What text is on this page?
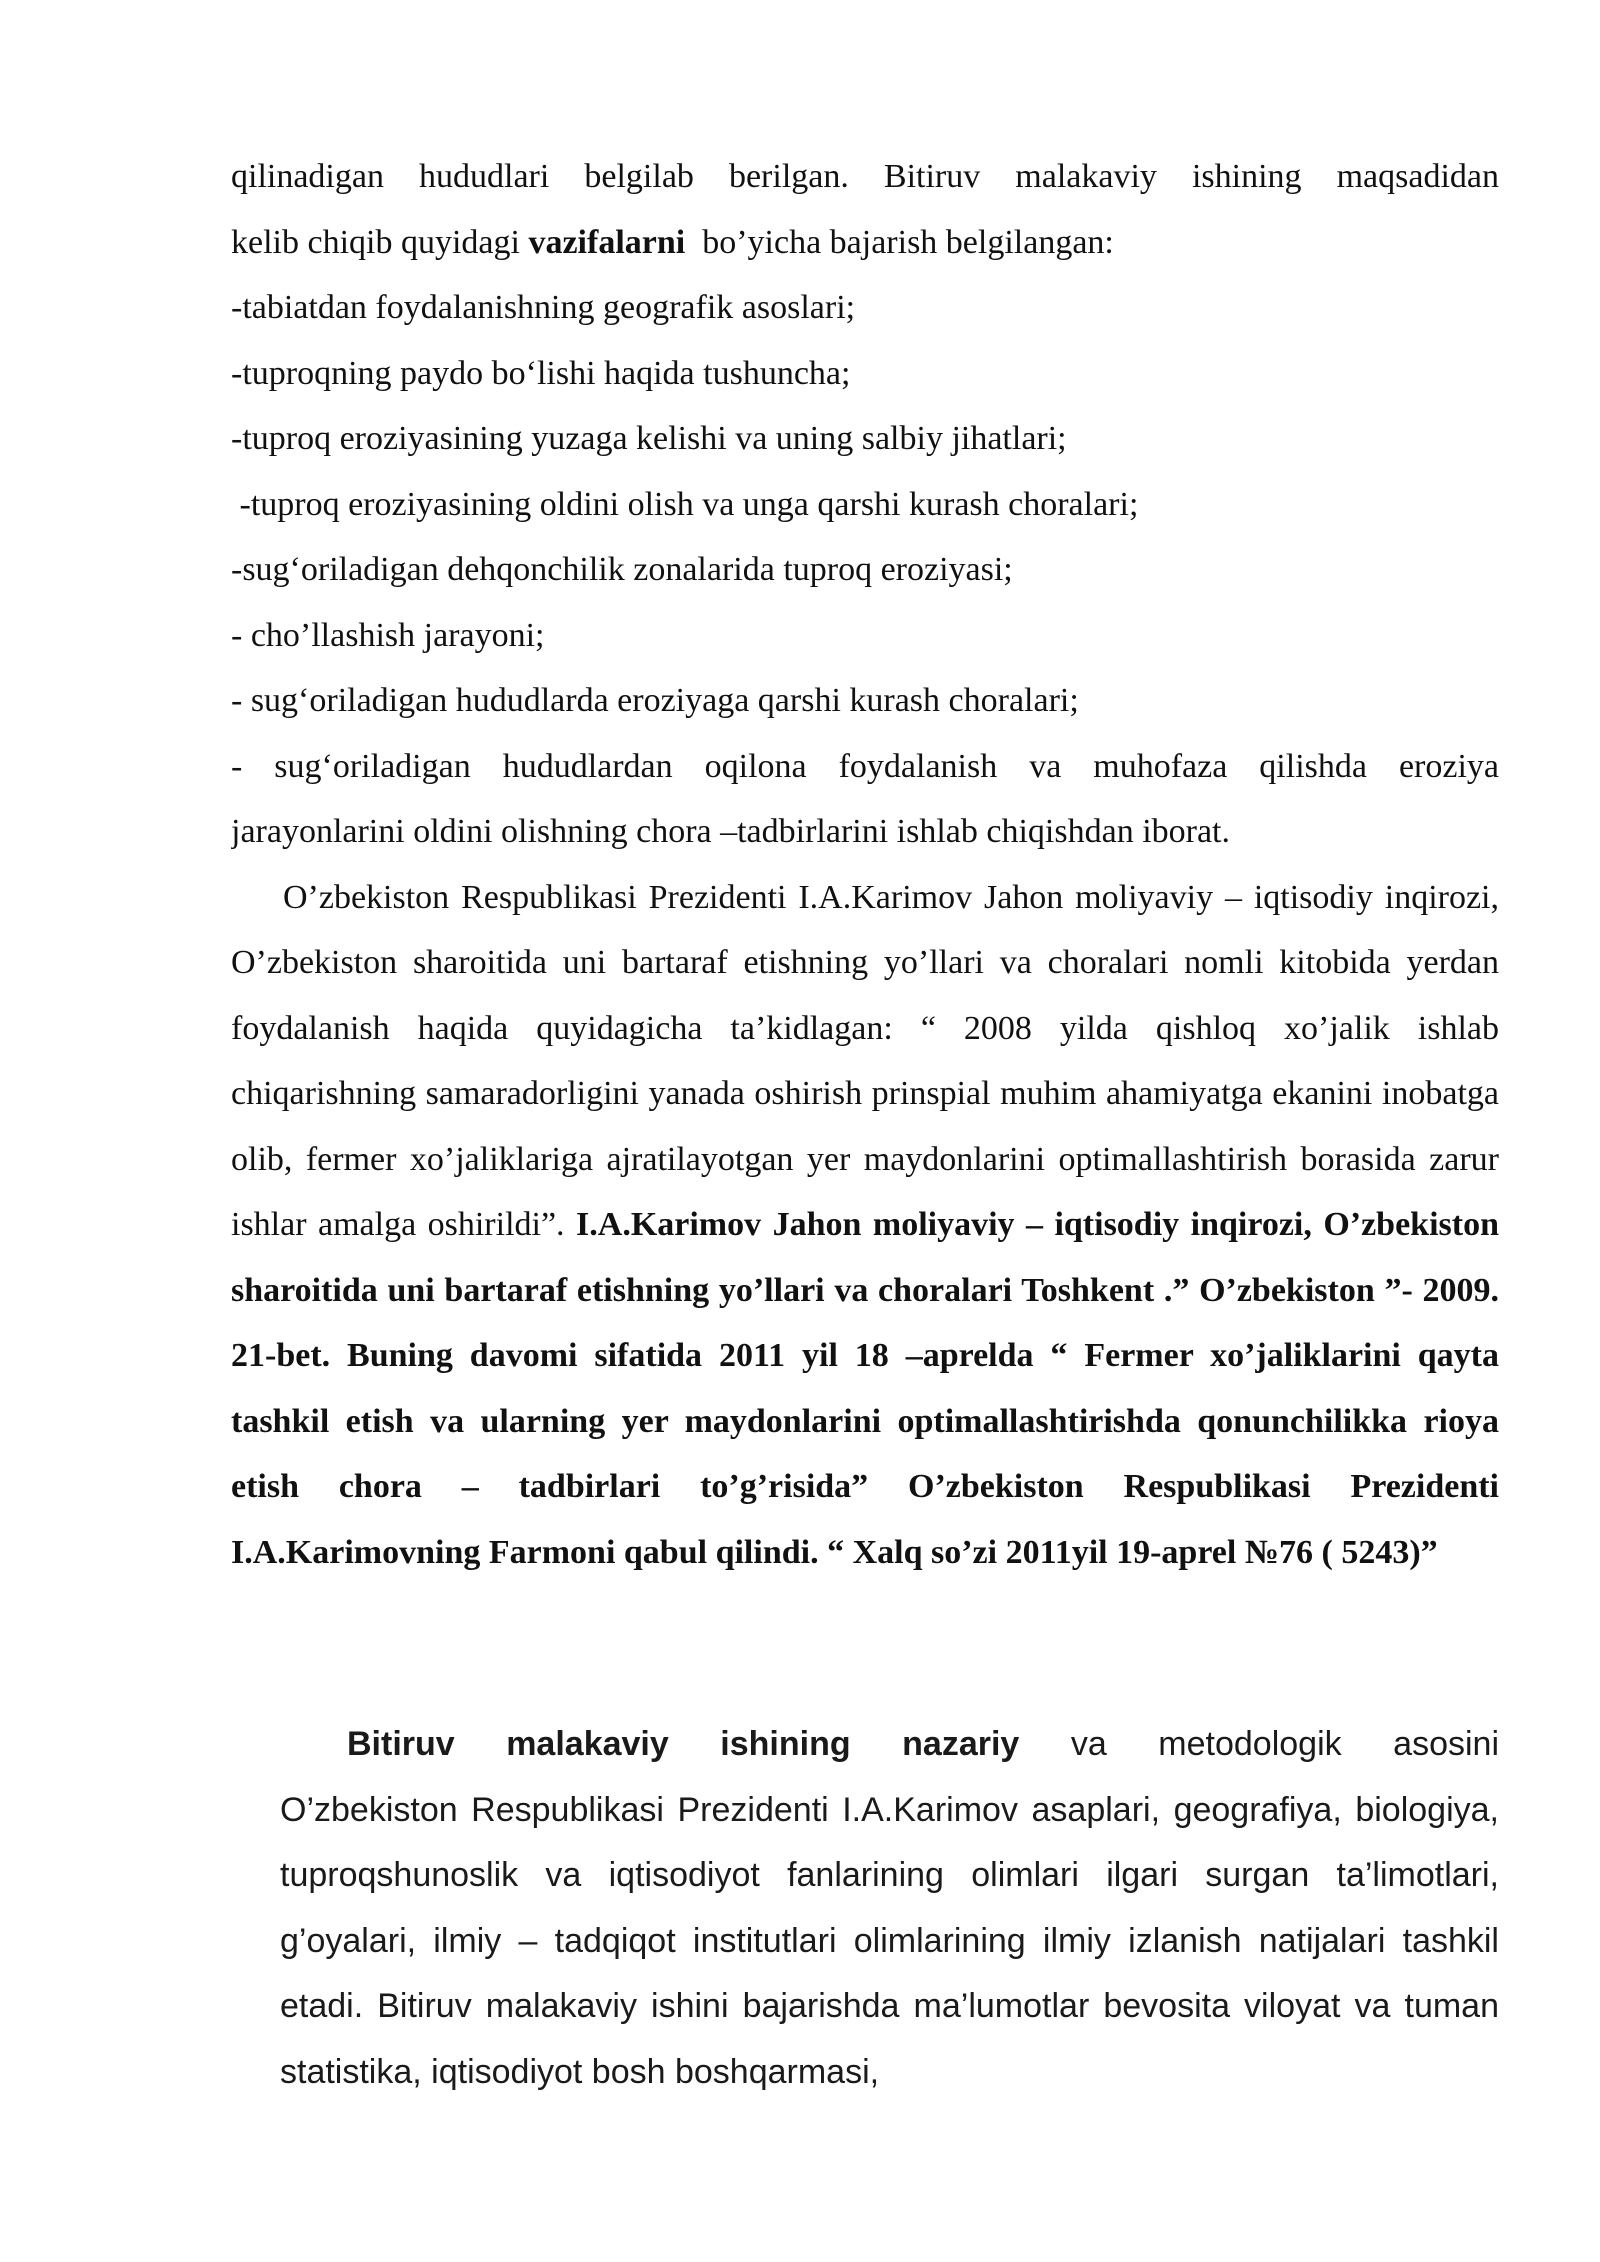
qilinadigan hududlari belgilab berilgan. Bitiruv malakaviy ishining maqsadidan
kelib chiqib quyidagi vazifalarni  bo’yicha bajarish belgilangan:
-tabiatdan foydalanishning geografik asoslari;
-tuproqning paydo bo‘lishi haqida tushuncha;
-tuproq eroziyasining yuzaga kelishi va uning salbiy jihatlari;
-tuproq eroziyasining oldini olish va unga qarshi kurash choralari;
-sug‘oriladigan dehqonchilik zonalarida tuproq eroziyasi;
- cho’llashish jarayoni;
- sug‘oriladigan hududlarda eroziyaga qarshi kurash choralari;
- sug‘oriladigan hududlardan oqilona foydalanish va muhofaza qilishda eroziya
jarayonlarini oldini olishning chora –tadbirlarini ishlab chiqishdan iborat.

O’zbekiston Respublikasi Prezidenti I.A.Karimov Jahon moliyaviy – iqtisodiy inqirozi, O’zbekiston sharoitida uni bartaraf etishning yo’llari va choralari nomli kitobida yerdan foydalanish haqida quyidagicha ta’kidlagan: “ 2008 yilda qishloq xo’jalik ishlab chiqarishning samaradorligini yanada oshirish prinspial muhim ahamiyatga ekanini inobatga olib, fermer xo’jaliklariga ajratilayotgan yer maydonlarini optimallashtirish borasida zarur ishlar amalga oshirildi”. I.A.Karimov Jahon moliyaviy – iqtisodiy inqirozi, O’zbekiston sharoitida uni bartaraf etishning yo’llari va choralari Toshkent .” O’zbekiston ”- 2009. 21-bet. Buning davomi sifatida 2011 yil 18 –aprelda “ Fermer xo’jaliklarini qayta tashkil etish va ularning yer maydonlarini optimallashtirishda qonunchilikka rioya etish chora – tadbirlari to’g’risida” O’zbekiston Respublikasi Prezidenti I.A.Karimovning Farmoni qabul qilindi. “ Xalq so’zi 2011yil 19-aprel №76 ( 5243)”

Bitiruv malakaviy ishining nazariy va metodologik asosini

O’zbekiston Respublikasi Prezidenti I.A.Karimov asaplari, geografiya, biologiya, tuproqshunoslik va iqtisodiyot fanlarining olimlari ilgari surgan ta’limotlari, g’oyalari, ilmiy – tadqiqot institutlari olimlarining ilmiy izlanish natijalari tashkil etadi. Bitiruv malakaviy ishini bajarishda ma’lumotlar bevosita viloyat va tuman statistika, iqtisodiyot bosh boshqarmasi,
